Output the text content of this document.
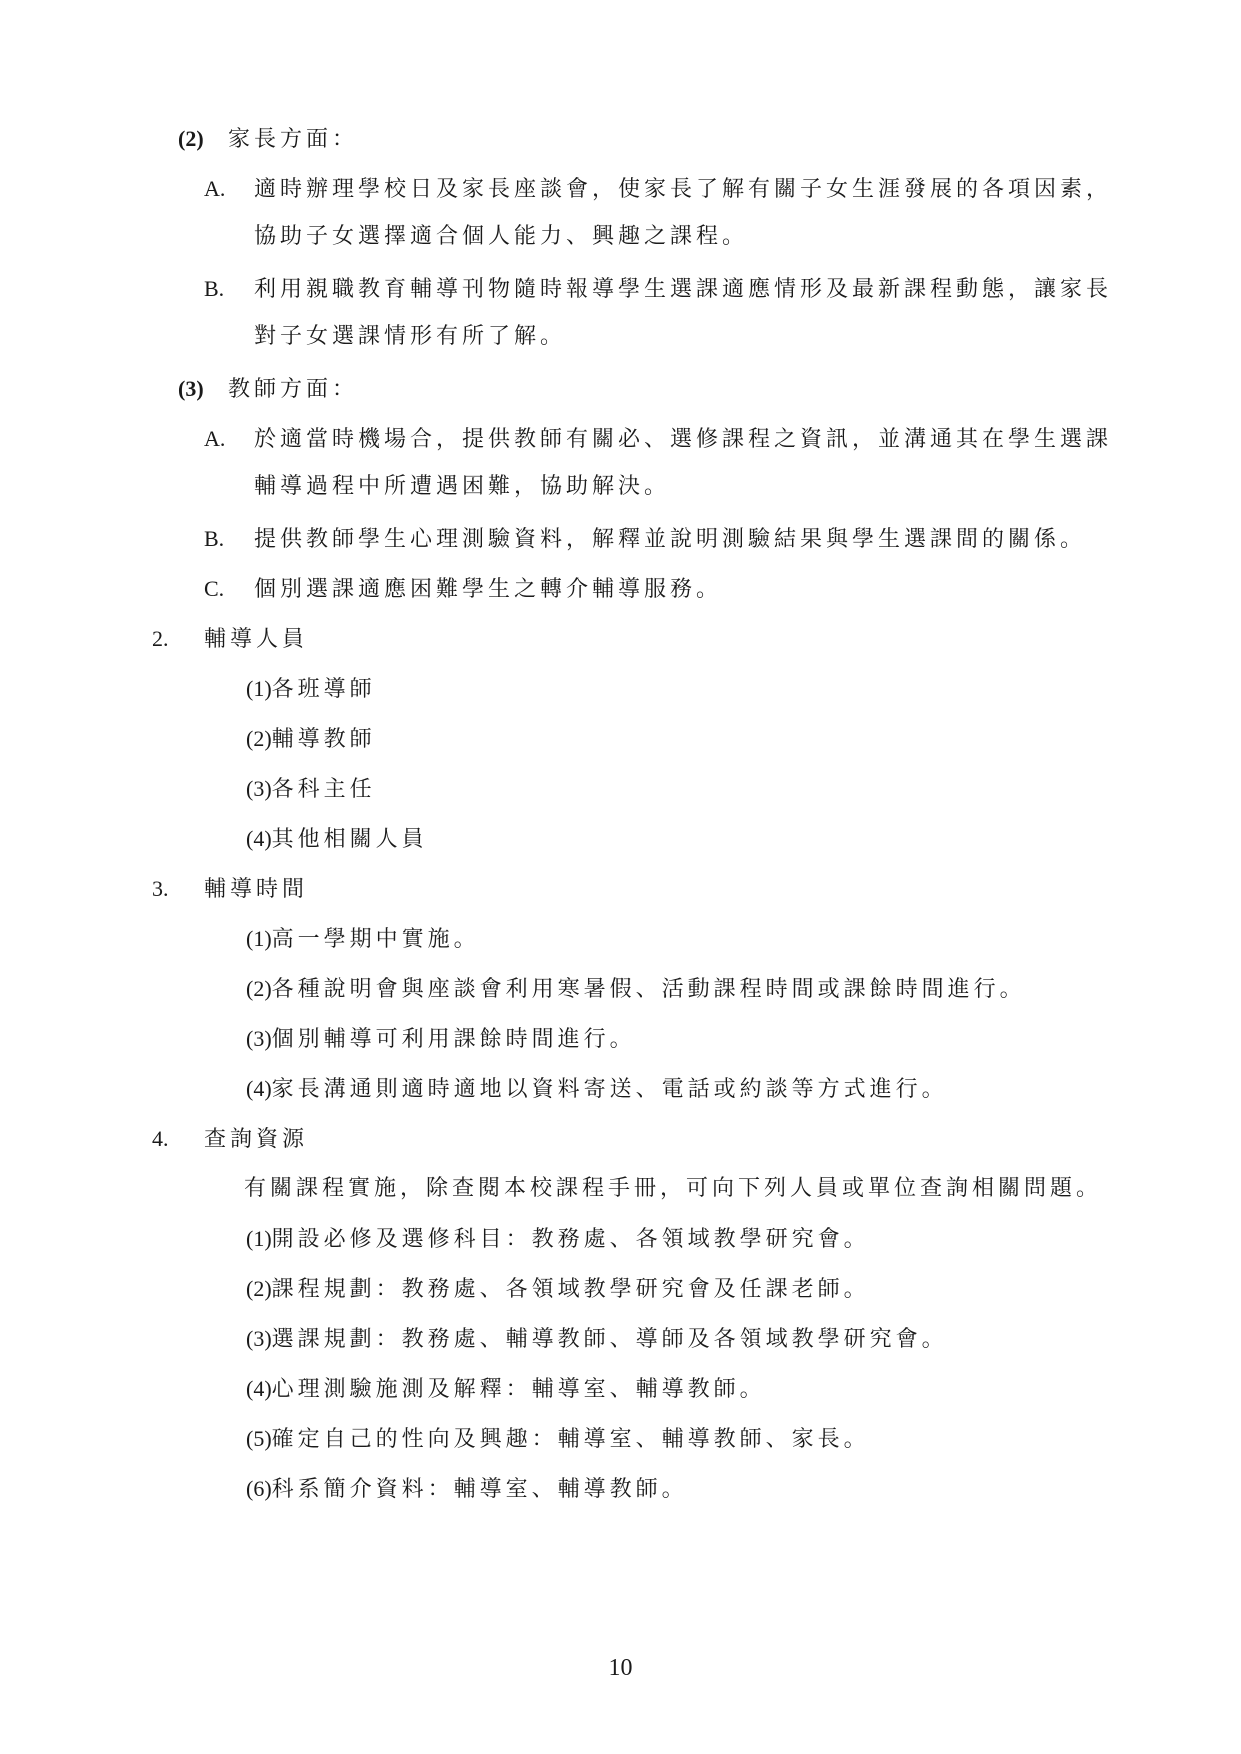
(2) 家長方面：
A. 適時辦理學校日及家長座談會，使家長了解有關子女生涯發展的各項因素，
協助子女選擇適合個人能力、興趣之課程。
B. 利用親職教育輔導刊物隨時報導學生選課適應情形及最新課程動態，讓家長
對子女選課情形有所了解。
(3) 教師方面：
A. 於適當時機場合，提供教師有關必、選修課程之資訊，並溝通其在學生選課
輔導過程中所遭遇困難，協助解決。
B. 提供教師學生心理測驗資料，解釋並說明測驗結果與學生選課間的關係。
C. 個別選課適應困難學生之轉介輔導服務。
2. 輔導人員
(1)各班導師
(2)輔導教師
(3)各科主任
(4)其他相關人員
3. 輔導時間
(1)高一學期中實施。
(2)各種說明會與座談會利用寒暑假、活動課程時間或課餘時間進行。
(3)個別輔導可利用課餘時間進行。
(4)家長溝通則適時適地以資料寄送、電話或約談等方式進行。
4. 查詢資源
有關課程實施，除查閱本校課程手冊，可向下列人員或單位查詢相關問題。
(1)開設必修及選修科目：教務處、各領域教學研究會。
(2)課程規劃：教務處、各領域教學研究會及任課老師。
(3)選課規劃：教務處、輔導教師、導師及各領域教學研究會。
(4)心理測驗施測及解釋：輔導室、輔導教師。
(5)確定自己的性向及興趣：輔導室、輔導教師、家長。
(6)科系簡介資料：輔導室、輔導教師。
10
